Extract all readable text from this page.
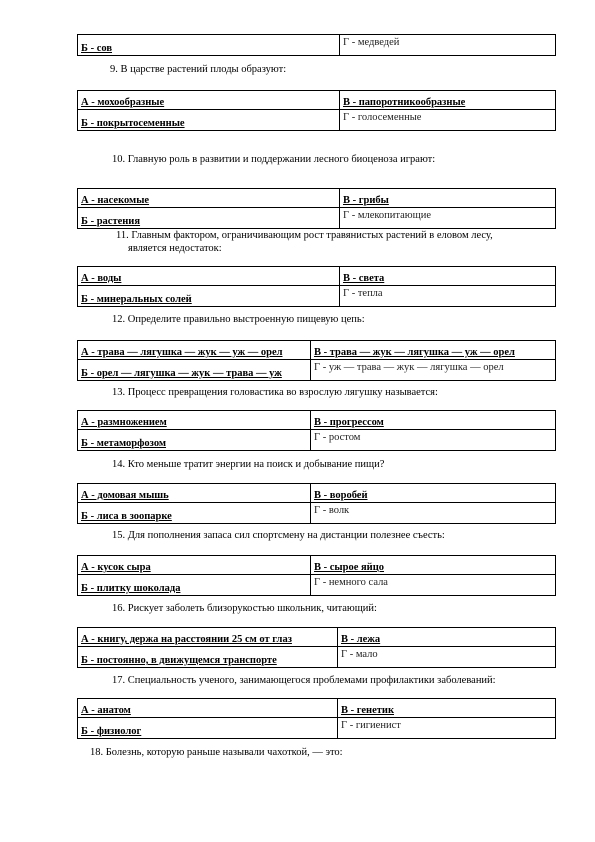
Б - сов	Г - медведей
9. В царстве растений плоды образуют:
А - мохообразные	В - папоротникообразные
Б - покрытосеменные	Г - голосеменные
10. Главную роль в развитии и поддержании лесного биоценоза играют:
А - насекомые	В - грибы
Б - растения	Г - млекопитающие
11. Главным фактором, ограничивающим рост травянистых растений в еловом лесу,
является недостаток:
А - воды	В - света
Б - минеральных солей	Г - тепла
12. Определите правильно выстроенную пищевую цепь:
А - трава — лягушка — жук — уж — орел	В - трава — жук — лягушка — уж — орел
Б - орел — лягушка — жук — трава — уж	Г - уж — трава — жук — лягушка — орел
13. Процесс превращения головастика во взрослую лягушку называется:
А - размножением	В - прогрессом
Б - метаморфозом	Г - ростом
14. Кто меньше тратит энергии на поиск и добывание пищи?
А - домовая мышь	В - воробей
Б - лиса в зоопарке	Г - волк
15. Для пополнения запаса сил спортсмену на дистанции полезнее съесть:
А - кусок сыра	В - сырое яйцо
Б - плитку шоколада	Г - немного сала
16. Рискует заболеть близорукостью школьник, читающий:
А - книгу, держа на расстоянии 25 см от глаз	В - лежа
Б - постоянно, в движущемся транспорте	Г - мало
17. Специальность ученого, занимающегося проблемами профилактики заболеваний:
А - анатом	В - генетик
Б - физиолог	Г - гигиенист
18. Болезнь, которую раньше называли чахоткой, — это:
